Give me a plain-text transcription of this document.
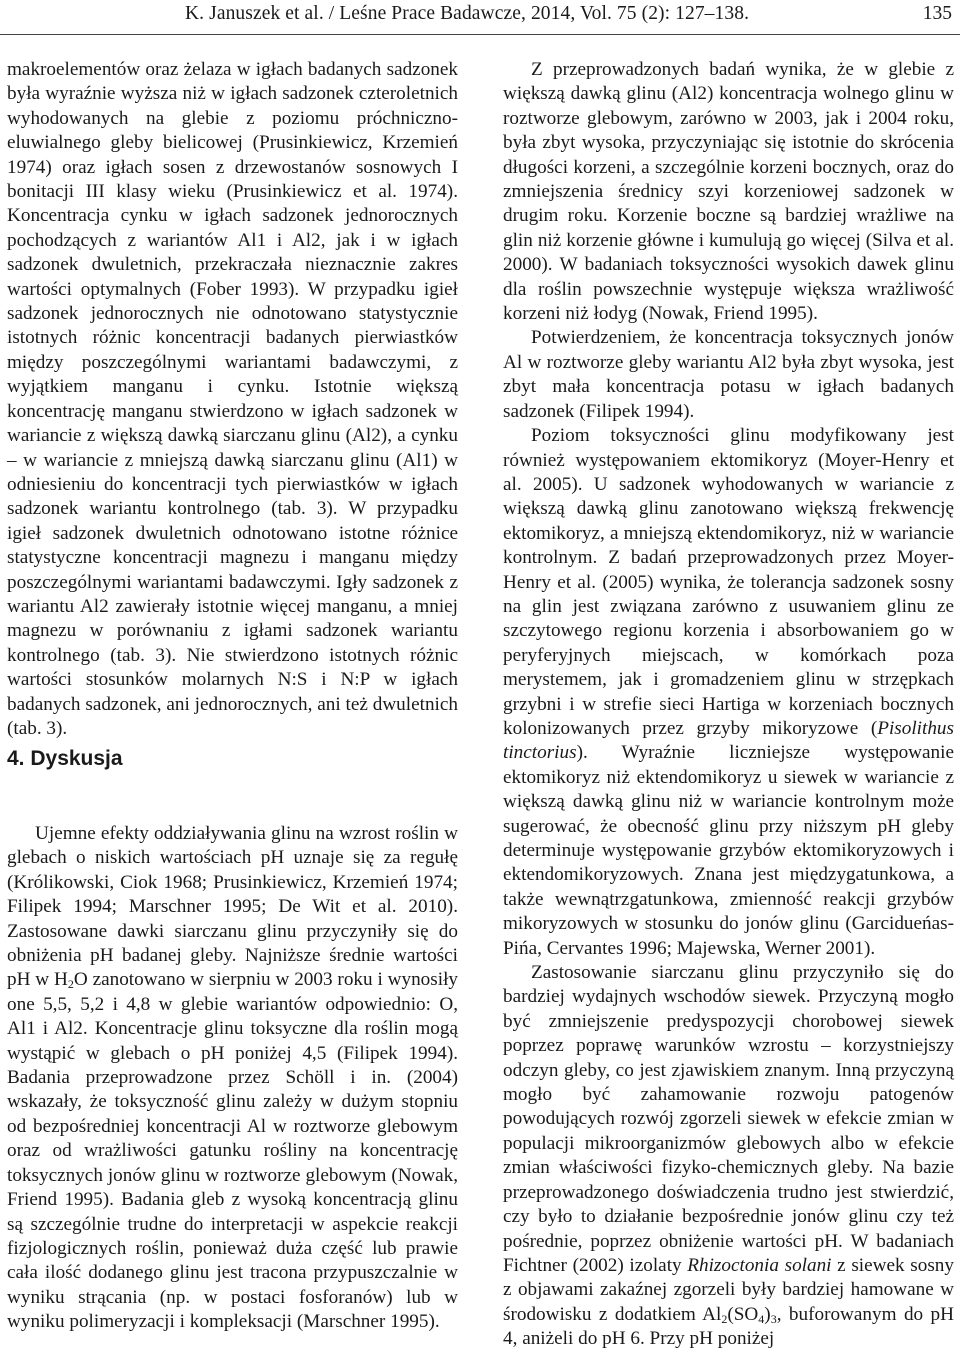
K. Januszek et al. / Leśne Prace Badawcze, 2014, Vol. 75 (2): 127–138.	135

makroelementów oraz żelaza w igłach badanych sadzonek była wyraźnie wyższa niż w igłach sadzonek czteroletnich wyhodowanych na glebie z poziomu próchniczno-eluwialnego gleby bielicowej (Prusinkiewicz, Krzemień 1974) oraz igłach sosen z drzewostanów sosnowych I bonitacji III klasy wieku (Prusinkiewicz et al. 1974). Koncentracja cynku w igłach sadzonek jednorocznych pochodzących z wariantów Al1 i Al2, jak i w igłach sadzonek dwuletnich, przekraczała nieznacznie zakres wartości optymalnych (Fober 1993). W przypadku igieł sadzonek jednorocznych nie odnotowano statystycznie istotnych różnic koncentracji badanych pierwiastków między poszczególnymi wariantami badawczymi, z wyjątkiem manganu i cynku. Istotnie większą koncentrację manganu stwierdzono w igłach sadzonek w wariancie z większą dawką siarczanu glinu (Al2), a cynku – w wariancie z mniejszą dawką siarczanu glinu (Al1) w odniesieniu do koncentracji tych pierwiastków w igłach sadzonek wariantu kontrolnego (tab. 3). W przypadku igieł sadzonek dwuletnich odnotowano istotne różnice statystyczne koncentracji magnezu i manganu między poszczególnymi wariantami badawczymi. Igły sadzonek z wariantu Al2 zawierały istotnie więcej manganu, a mniej magnezu w porównaniu z igłami sadzonek wariantu kontrolnego (tab. 3). Nie stwierdzono istotnych różnic wartości stosunków molarnych N:S i N:P w igłach badanych sadzonek, ani jednorocznych, ani też dwuletnich (tab. 3).

4. Dyskusja

Ujemne efekty oddziaływania glinu na wzrost roślin w glebach o niskich wartościach pH uznaje się za regułę (Królikowski, Ciok 1968; Prusinkiewicz, Krzemień 1974; Filipek 1994; Marschner 1995; De Wit et al. 2010). Zastosowane dawki siarczanu glinu przyczyniły się do obniżenia pH badanej gleby. Najniższe średnie wartości pH w $H_2O$ zanotowano w sierpniu w 2003 roku i wynosiły one 5,5, 5,2 i 4,8 w glebie wariantów odpowiednio: O, Al1 i Al2. Koncentracje glinu toksyczne dla roślin mogą wystąpić w glebach o pH poniżej 4,5 (Filipek 1994). Badania przeprowadzone przez Schöll i in. (2004) wskazały, że toksyczność glinu zależy w dużym stopniu od bezpośredniej koncentracji Al w roztworze glebowym oraz od wrażliwości gatunku rośliny na koncentrację toksycznych jonów glinu w roztworze glebowym (Nowak, Friend 1995). Badania gleb z wysoką koncentracją glinu są szczególnie trudne do interpretacji w aspekcie reakcji fizjologicznych roślin, ponieważ duża część lub prawie cała ilość dodanego glinu jest tracona przypuszczalnie w wyniku strącania (np. w postaci fosforanów) lub w wyniku polimeryzacji i kompleksacji (Marschner 1995).

Z przeprowadzonych badań wynika, że w glebie z większą dawką glinu (Al2) koncentracja wolnego glinu w roztworze glebowym, zarówno w 2003, jak i 2004 roku, była zbyt wysoka, przyczyniając się istotnie do skrócenia długości korzeni, a szczególnie korzeni bocznych, oraz do zmniejszenia średnicy szyi korzeniowej sadzonek w drugim roku. Korzenie boczne są bardziej wrażliwe na glin niż korzenie główne i kumulują go więcej (Silva et al. 2000). W badaniach toksyczności wysokich dawek glinu dla roślin powszechnie występuje większa wrażliwość korzeni niż łodyg (Nowak, Friend 1995).

Potwierdzeniem, że koncentracja toksycznych jonów Al w roztworze gleby wariantu Al2 była zbyt wysoka, jest zbyt mała koncentracja potasu w igłach badanych sadzonek (Filipek 1994).

Poziom toksyczności glinu modyfikowany jest również występowaniem ektomikoryz (Moyer-Henry et al. 2005). U sadzonek wyhodowanych w wariancie z większą dawką glinu zanotowano większą frekwencję ektomikoryz, a mniejszą ektendomikoryz, niż w wariancie kontrolnym. Z badań przeprowadzonych przez Moyer-Henry et al. (2005) wynika, że tolerancja sadzonek sosny na glin jest związana zarówno z usuwaniem glinu ze szczytowego regionu korzenia i absorbowaniem go w peryferyjnych miejscach, w komórkach poza merystemem, jak i gromadzeniem glinu w strzępkach grzybni i w strefie sieci Hartiga w korzeniach bocznych kolonizowanych przez grzyby mikoryzowe (Pisolithus tinctorius). Wyraźnie liczniejsze występowanie ektomikoryz niż ektendomikoryz u siewek w wariancie z większą dawką glinu niż w wariancie kontrolnym może sugerować, że obecność glinu przy niższym pH gleby determinuje występowanie grzybów ektomikoryzowych i ektendomikoryzowych. Znana jest międzygatunkowa, a także wewnątrzgatunkowa, zmienność reakcji grzybów mikoryzowych w stosunku do jonów glinu (Garcidueńas-Pińa, Cervantes 1996; Majewska, Werner 2001).

Zastosowanie siarczanu glinu przyczyniło się do bardziej wydajnych wschodów siewek. Przyczyną mogło być zmniejszenie predyspozycji chorobowej siewek poprzez poprawę warunków wzrostu – korzystniejszy odczyn gleby, co jest zjawiskiem znanym. Inną przyczyną mogło być zahamowanie rozwoju patogenów powodujących rozwój zgorzeli siewek w efekcie zmian w populacji mikroorganizmów glebowych albo w efekcie zmian właściwości fizyko-chemicznych gleby. Na bazie przeprowadzonego doświadczenia trudno jest stwierdzić, czy było to działanie bezpośrednie jonów glinu czy też pośrednie, poprzez obniżenie wartości pH. W badaniach Fichtner (2002) izolaty Rhizoctonia solani z siewek sosny z objawami zakaźnej zgorzeli były bardziej hamowane w środowisku z dodatkiem $Al_2(SO_4)_3$, buforowanym do pH 4, aniżeli do pH 6. Przy pH poniżej
